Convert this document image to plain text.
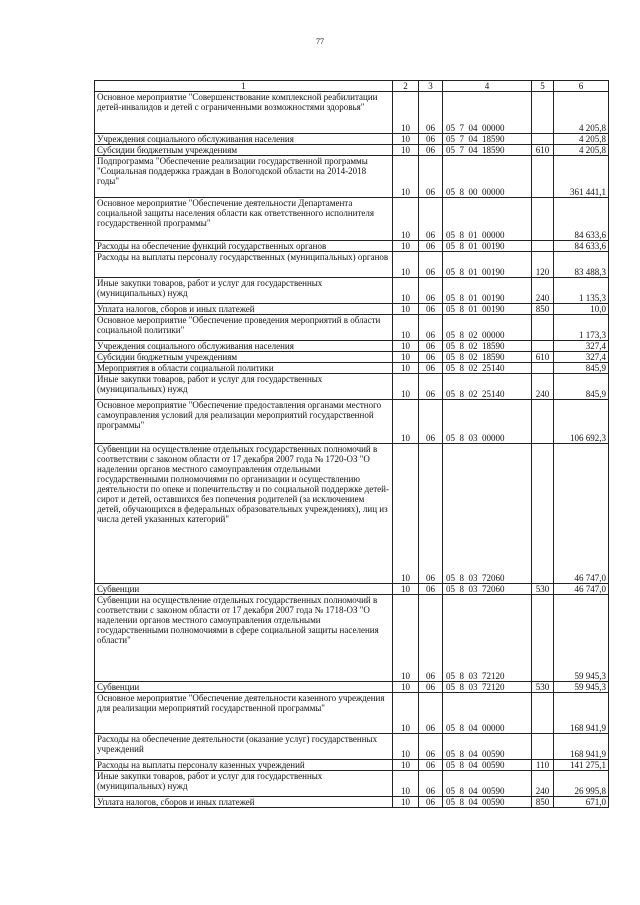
77
1	2	3	4	5	6
Основное мероприятие "Совершенствование комплексной реабилитации детей-инвалидов и детей с ограниченными возможностями здоровья"	10	06	05  7  04  00000		4 205,8
Учреждения социального обслуживания населения	10	06	05  7  04  18590		4 205,8
Субсидии бюджетным учреждениям	10	06	05  7  04  18590	610	4 205,8
Подпрограмма "Обеспечение реализации государственной программы "Социальная поддержка граждан в Вологодской области на 2014-2018 годы"	10	06	05  8  00  00000		361 441,1
Основное мероприятие "Обеспечение деятельности Департамента социальной защиты населения области как ответственного исполнителя государственной программы"	10	06	05  8  01  00000		84 633,6
Расходы на обеспечение функций государственных органов	10	06	05  8  01  00190		84 633,6
Расходы на выплаты персоналу государственных (муниципальных) органов	10	06	05  8  01  00190	120	83 488,3
Иные закупки товаров, работ и услуг для государственных (муниципальных) нужд	10	06	05  8  01  00190	240	1 135,3
Уплата налогов, сборов и иных платежей	10	06	05  8  01  00190	850	10,0
Основное мероприятие "Обеспечение проведения мероприятий в области социальной политики"	10	06	05  8  02  00000		1 173,3
Учреждения социального обслуживания населения	10	06	05  8  02  18590		327,4
Субсидии бюджетным учреждениям	10	06	05  8  02  18590	610	327,4
Мероприятия в области социальной политики	10	06	05  8  02  25140		845,9
Иные закупки товаров, работ и услуг для государственных (муниципальных) нужд	10	06	05  8  02  25140	240	845,9
Основное мероприятие "Обеспечение предоставления органами местного самоуправления условий для реализации мероприятий государственной программы"	10	06	05  8  03  00000		106 692,3
Субвенции на осуществление отдельных государственных полномочий в соответствии с законом области от 17 декабря 2007 года № 1720-ОЗ "О наделении органов местного самоуправления отдельными государственными полномочиями по организации и осуществлению деятельности по опеке и попечительству и по социальной поддержке детей-сирот и детей, оставшихся без попечения родителей (за исключением детей, обучающихся в федеральных образовательных учреждениях), лиц из числа детей указанных категорий"	10	06	05  8  03  72060		46 747,0
Субвенции	10	06	05  8  03  72060	530	46 747,0
Субвенции на осуществление отдельных государственных полномочий в соответствии с законом области от 17 декабря 2007 года № 1718-ОЗ "О наделении органов местного самоуправления отдельными государственными полномочиями в сфере социальной защиты населения области"	10	06	05  8  03  72120		59 945,3
Субвенции	10	06	05  8  03  72120	530	59 945,3
Основное мероприятие "Обеспечение деятельности казенного учреждения для реализации мероприятий государственной программы"	10	06	05  8  04  00000		168 941,9
Расходы на обеспечение деятельности (оказание услуг) государственных учреждений	10	06	05  8  04  00590		168 941,9
Расходы на выплаты персоналу казенных учреждений	10	06	05  8  04  00590	110	141 275,1
Иные закупки товаров, работ и услуг для государственных (муниципальных) нужд	10	06	05  8  04  00590	240	26 995,8
Уплата налогов, сборов и иных платежей	10	06	05  8  04  00590	850	671,0
